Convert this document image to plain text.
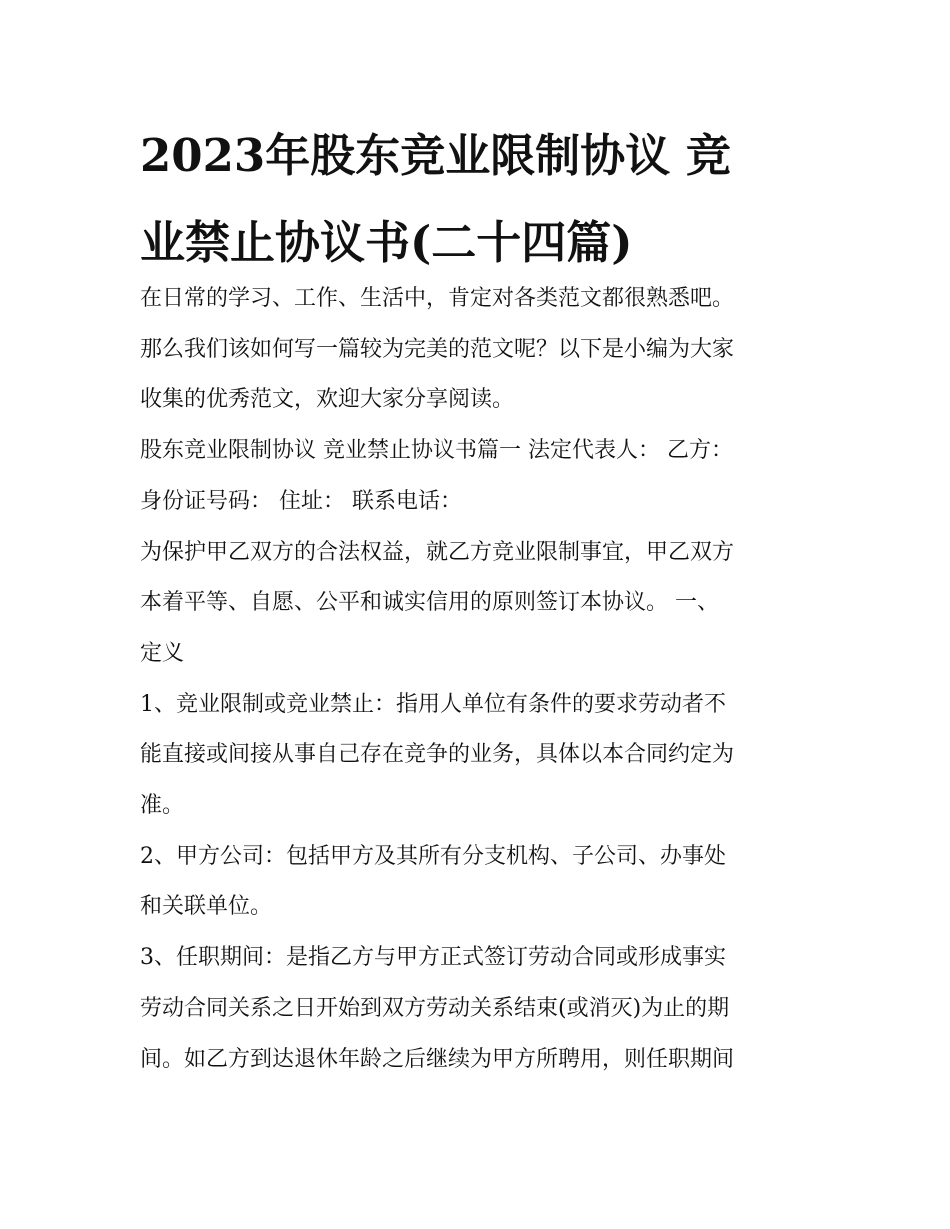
2023年股东竞业限制协议 竞
业禁止协议书(二十四篇)

在日常的学习、工作、生活中，肯定对各类范文都很熟悉吧。
那么我们该如何写一篇较为完美的范文呢？以下是小编为大家
收集的优秀范文，欢迎大家分享阅读。

股东竞业限制协议 竞业禁止协议书篇一 法定代表人： 乙方：
身份证号码： 住址： 联系电话：

为保护甲乙双方的合法权益，就乙方竞业限制事宜，甲乙双方
本着平等、自愿、公平和诚实信用的原则签订本协议。 一、
定义

1、竞业限制或竞业禁止：指用人单位有条件的要求劳动者不
能直接或间接从事自己存在竞争的业务，具体以本合同约定为
准。

2、甲方公司：包括甲方及其所有分支机构、子公司、办事处
和关联单位。

3、任职期间：是指乙方与甲方正式签订劳动合同或形成事实
劳动合同关系之日开始到双方劳动关系结束(或消灭)为止的期
间。如乙方到达退休年龄之后继续为甲方所聘用，则任职期间
